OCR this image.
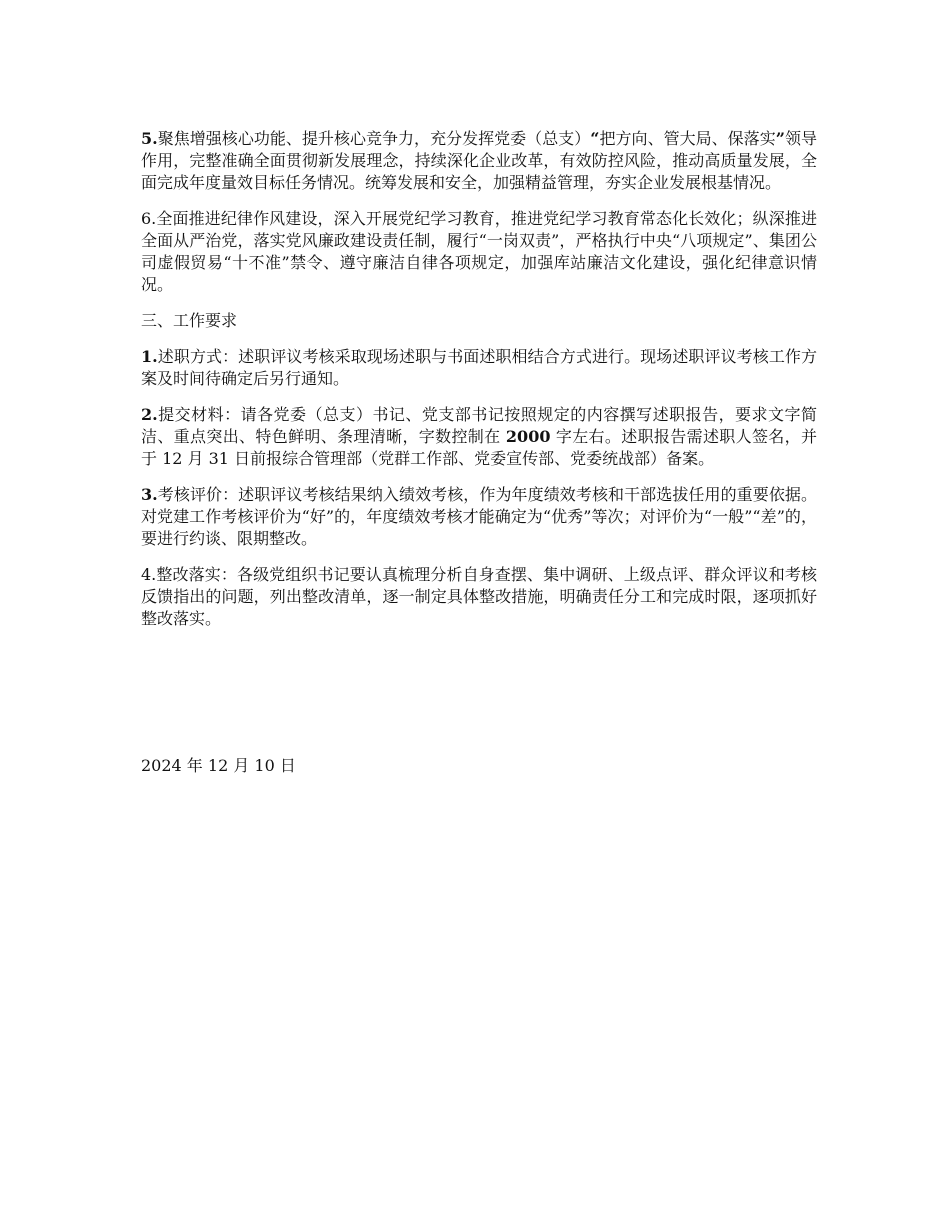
5.聚焦增强核心功能、提升核心竞争力，充分发挥党委（总支）“把方向、管大局、保落实”领导作用，完整准确全面贯彻新发展理念，持续深化企业改革，有效防控风险，推动高质量发展，全面完成年度量效目标任务情况。统筹发展和安全，加强精益管理，夯实企业发展根基情况。

6.全面推进纪律作风建设，深入开展党纪学习教育，推进党纪学习教育常态化长效化；纵深推进全面从严治党，落实党风廉政建设责任制，履行“一岗双责”，严格执行中央“八项规定”、集团公司虚假贸易“十不准”禁令、遵守廉洁自律各项规定，加强库站廉洁文化建设，强化纪律意识情况。

三、工作要求

1.述职方式：述职评议考核采取现场述职与书面述职相结合方式进行。现场述职评议考核工作方案及时间待确定后另行通知。

2.提交材料：请各党委（总支）书记、党支部书记按照规定的内容撰写述职报告，要求文字简洁、重点突出、特色鲜明、条理清晰，字数控制在 2000 字左右。述职报告需述职人签名，并于 12 月 31 日前报综合管理部（党群工作部、党委宣传部、党委统战部）备案。

3.考核评价：述职评议考核结果纳入绩效考核，作为年度绩效考核和干部选拔任用的重要依据。对党建工作考核评价为“好”的，年度绩效考核才能确定为“优秀”等次；对评价为“一般”“差”的，要进行约谈、限期整改。

4.整改落实：各级党组织书记要认真梳理分析自身查摆、集中调研、上级点评、群众评议和考核反馈指出的问题，列出整改清单，逐一制定具体整改措施，明确责任分工和完成时限，逐项抓好整改落实。

2024 年 12 月 10 日
